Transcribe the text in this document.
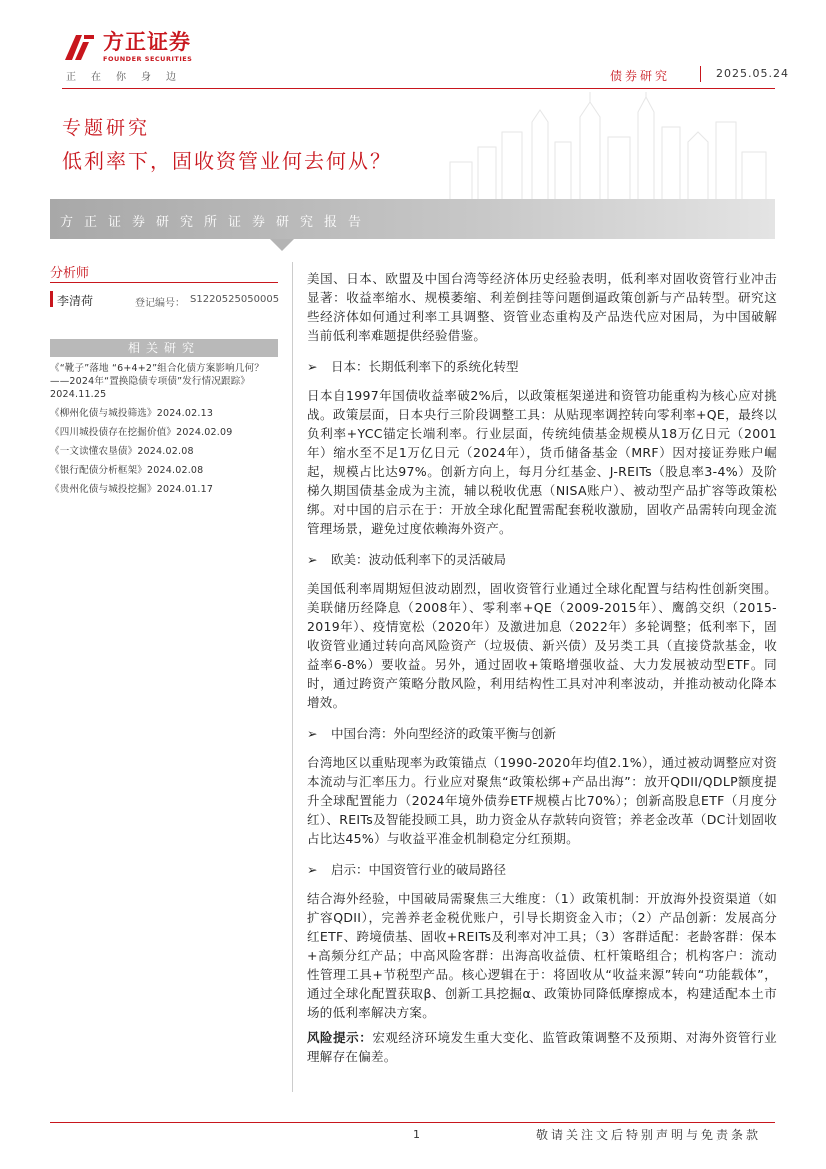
方正证券
FOUNDER SECURITIES
正在你身边	债券研究	2025.05.24
专题研究
低利率下，固收资管业何去何从？
方正证券研究所证券研究报告
分析师
李清荷	登记编号： S1220525050005
相关研究
《“靴子”落地 “6+4+2”组合化债方案影响几何？——2024年“置换隐债专项债”发行情况跟踪》2024.11.25
《柳州化债与城投筛选》2024.02.13
《四川城投债存在挖掘价值》2024.02.09
《一文读懂农垦债》2024.02.08
《银行配债分析框架》2024.02.08
《贵州化债与城投挖掘》2024.01.17

美国、日本、欧盟及中国台湾等经济体历史经验表明，低利率对固收资管行业冲击显著：收益率缩水、规模萎缩、利差倒挂等问题倒逼政策创新与产品转型。研究这些经济体如何通过利率工具调整、资管业态重构及产品迭代应对困局，为中国破解当前低利率难题提供经验借鉴。

➢ 日本：长期低利率下的系统化转型

日本自1997年国债收益率破2%后，以政策框架递进和资管功能重构为核心应对挑战。政策层面，日本央行三阶段调整工具：从贴现率调控转向零利率+QE，最终以负利率+YCC锚定长端利率。行业层面，传统纯债基金规模从18万亿日元（2001年）缩水至不足1万亿日元（2024年），货币储备基金（MRF）因对接证券账户崛起，规模占比达97%。创新方向上，每月分红基金、J-REITs（股息率3-4%）及阶梯久期国债基金成为主流，辅以税收优惠（NISA账户）、被动型产品扩容等政策松绑。对中国的启示在于：开放全球化配置需配套税收激励，固收产品需转向现金流管理场景，避免过度依赖海外资产。

➢ 欧美：波动低利率下的灵活破局

美国低利率周期短但波动剧烈，固收资管行业通过全球化配置与结构性创新突围。美联储历经降息（2008年）、零利率+QE（2009-2015年）、鹰鸽交织（2015-2019年）、疫情宽松（2020年）及激进加息（2022年）多轮调整；低利率下，固收资管业通过转向高风险资产（垃圾债、新兴债）及另类工具（直接贷款基金，收益率6-8%）要收益。另外，通过固收+策略增强收益、大力发展被动型ETF。同时，通过跨资产策略分散风险，利用结构性工具对冲利率波动，并推动被动化降本增效。

➢ 中国台湾：外向型经济的政策平衡与创新

台湾地区以重贴现率为政策锚点（1990-2020年均值2.1%），通过被动调整应对资本流动与汇率压力。行业应对聚焦“政策松绑+产品出海”：放开QDII/QDLP额度提升全球配置能力（2024年境外债券ETF规模占比70%）；创新高股息ETF（月度分红）、REITs及智能投顾工具，助力资金从存款转向资管；养老金改革（DC计划固收占比达45%）与收益平准金机制稳定分红预期。

➢ 启示：中国资管行业的破局路径

结合海外经验，中国破局需聚焦三大维度：（1）政策机制：开放海外投资渠道（如扩容QDII），完善养老金税优账户，引导长期资金入市；（2）产品创新：发展高分红ETF、跨境债基、固收+REITs及利率对冲工具；（3）客群适配：老龄客群：保本+高频分红产品；中高风险客群：出海高收益债、杠杆策略组合；机构客户：流动性管理工具+节税型产品。核心逻辑在于：将固收从“收益来源”转向“功能载体”，通过全球化配置获取β、创新工具挖掘α、政策协同降低摩擦成本，构建适配本土市场的低利率解决方案。

风险提示：宏观经济环境发生重大变化、监管政策调整不及预期、对海外资管行业理解存在偏差。

1	敬请关注文后特别声明与免责条款
